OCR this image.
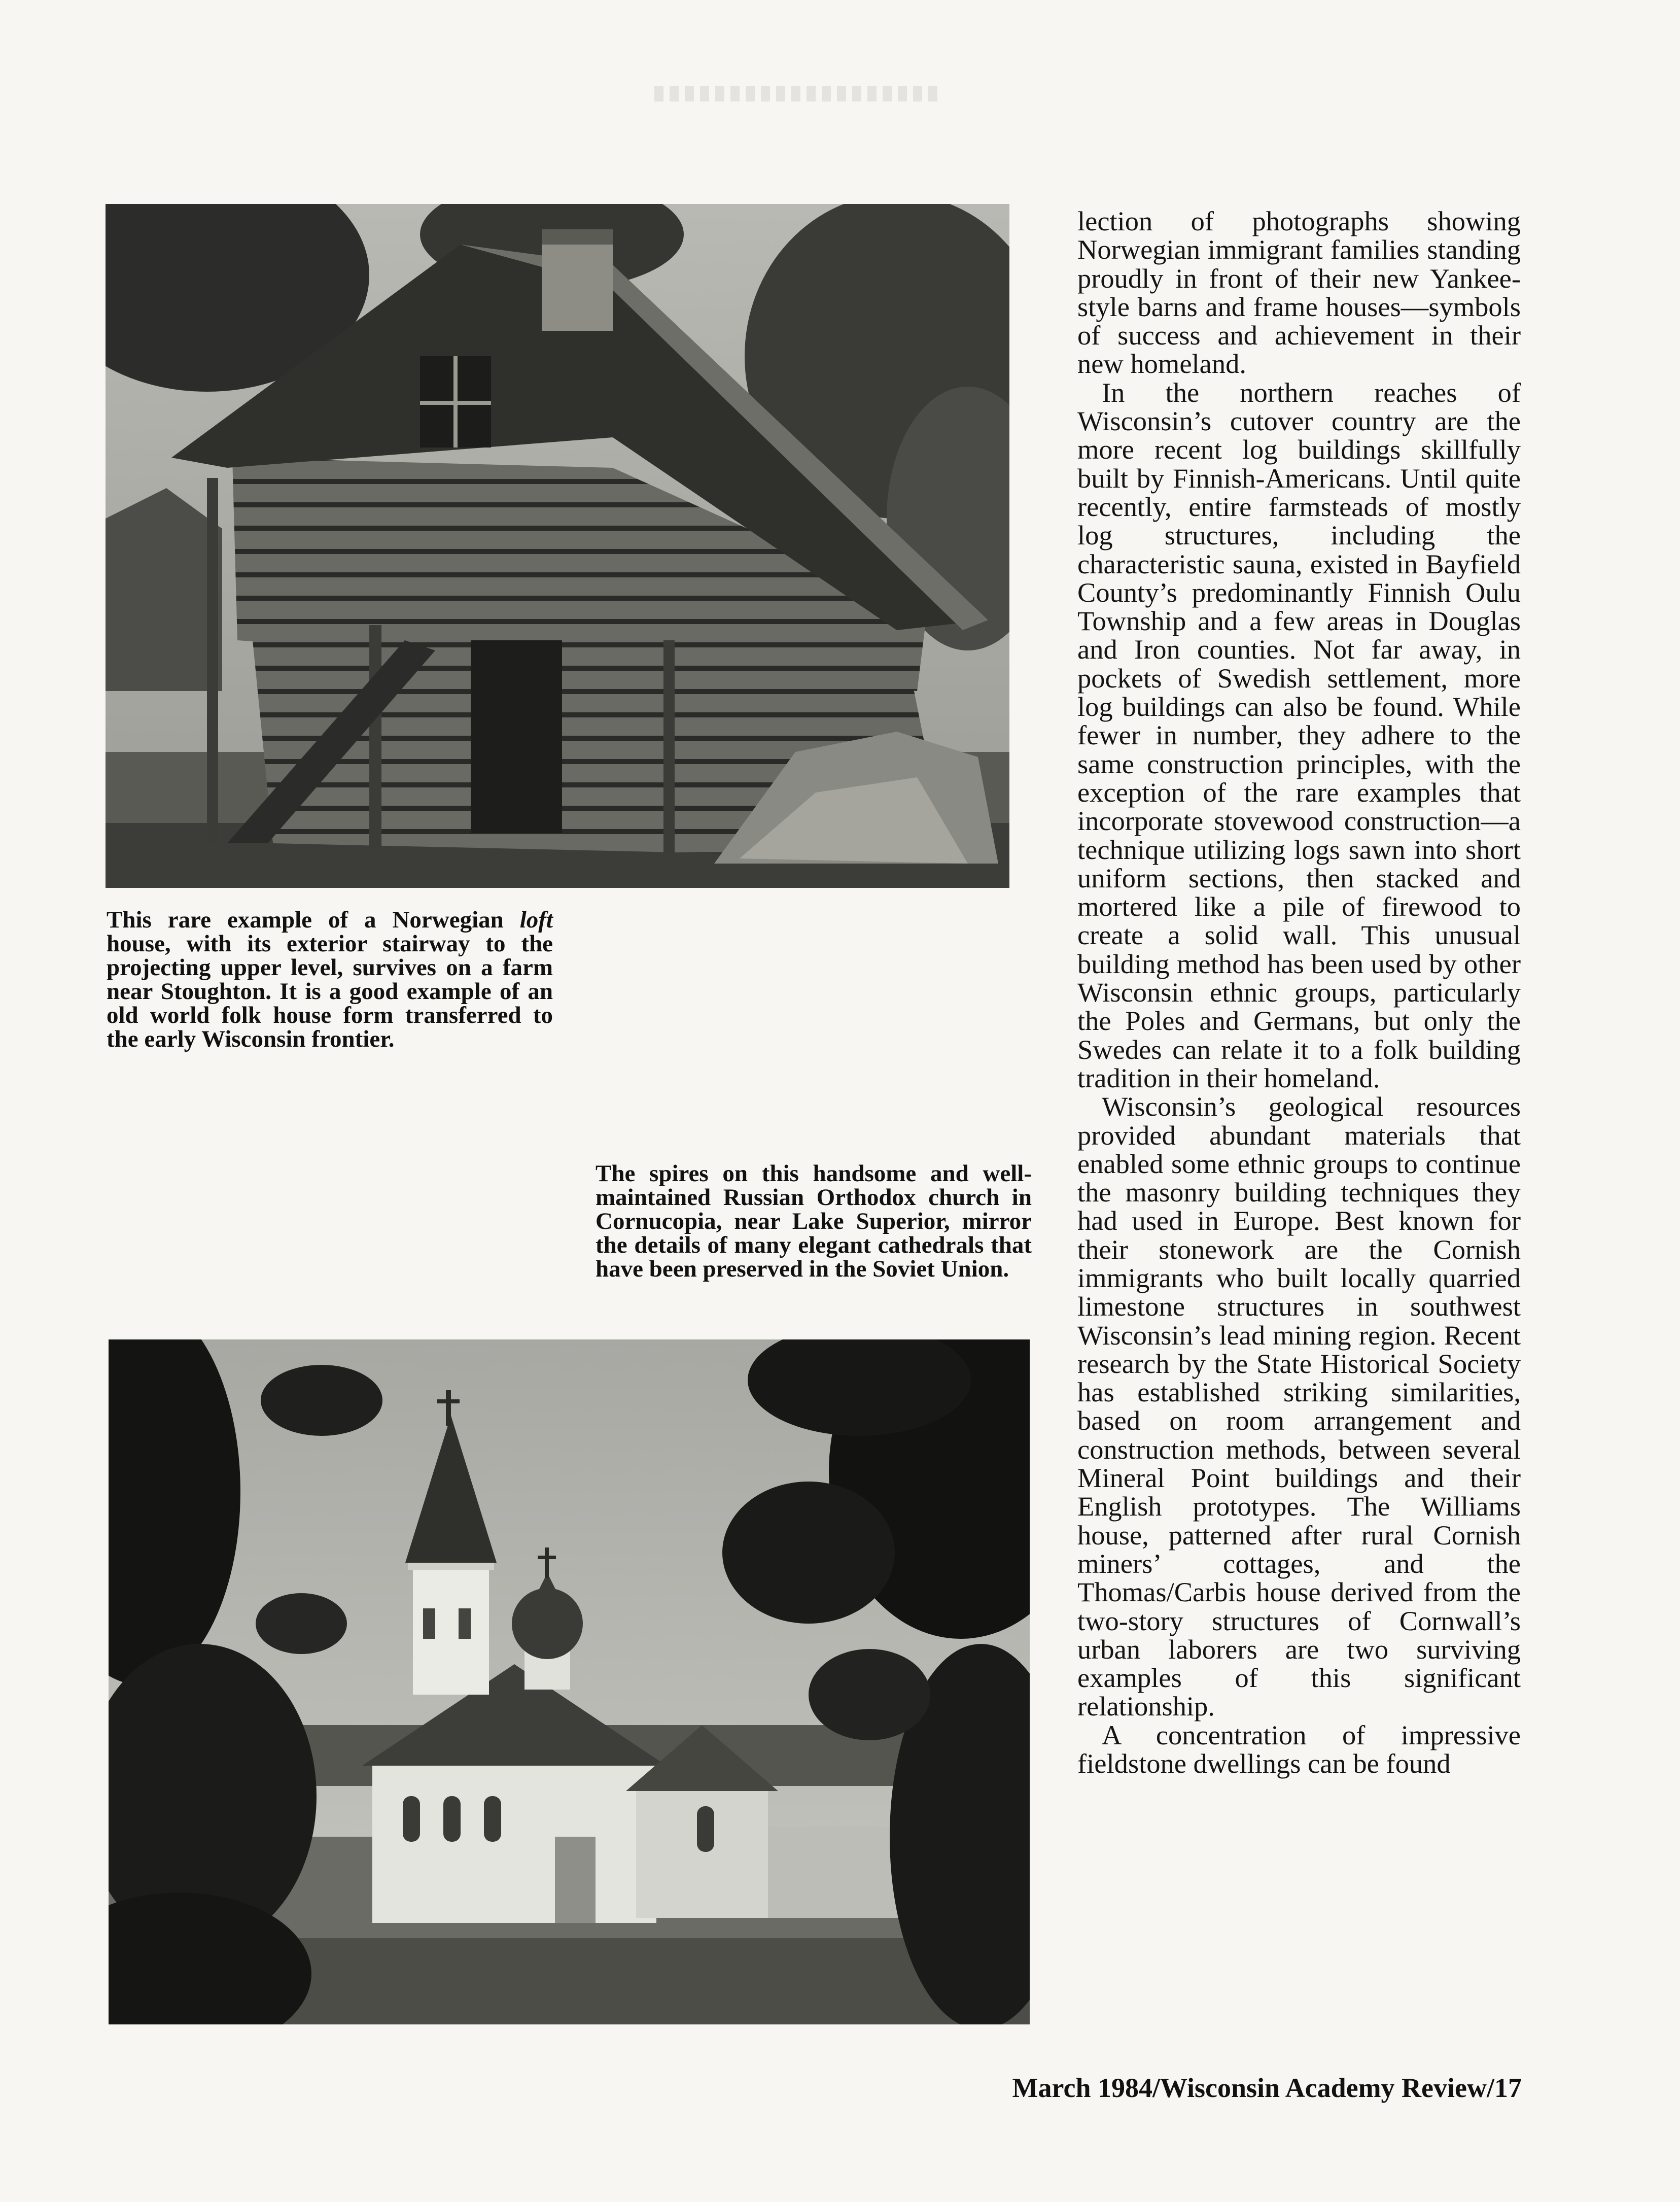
This rare example of a Norwegian loft house, with its exterior stairway to the projecting upper level, survives on a farm near Stoughton. It is a good example of an old world folk house form transferred to the early Wisconsin frontier.
The spires on this handsome and well-maintained Russian Orthodox church in Cornucopia, near Lake Superior, mirror the details of many elegant cathedrals that have been preserved in the Soviet Union.

lection of photographs showing Norwegian immigrant families standing proudly in front of their new Yankee-style barns and frame houses—symbols of success and achievement in their new homeland.

In the northern reaches of Wisconsin’s cutover country are the more recent log buildings skillfully built by Finnish-Americans. Until quite recently, entire farmsteads of mostly log structures, including the characteristic sauna, existed in Bayfield County’s predominantly Finnish Oulu Township and a few areas in Douglas and Iron counties. Not far away, in pockets of Swedish settlement, more log buildings can also be found. While fewer in number, they adhere to the same construction principles, with the exception of the rare examples that incorporate stovewood construction—a technique utilizing logs sawn into short uniform sections, then stacked and mortered like a pile of firewood to create a solid wall. This unusual building method has been used by other Wisconsin ethnic groups, particularly the Poles and Germans, but only the Swedes can relate it to a folk building tradition in their homeland.

Wisconsin’s geological resources provided abundant materials that enabled some ethnic groups to continue the masonry building techniques they had used in Europe. Best known for their stonework are the Cornish immigrants who built locally quarried limestone structures in southwest Wisconsin’s lead mining region. Recent research by the State Historical Society has established striking similarities, based on room arrangement and construction methods, between several Mineral Point buildings and their English prototypes. The Williams house, patterned after rural Cornish miners’ cottages, and the Thomas/Carbis house derived from the two-story structures of Cornwall’s urban laborers are two surviving examples of this significant relationship.

A concentration of impressive fieldstone dwellings can be found

March 1984/Wisconsin Academy Review/17
